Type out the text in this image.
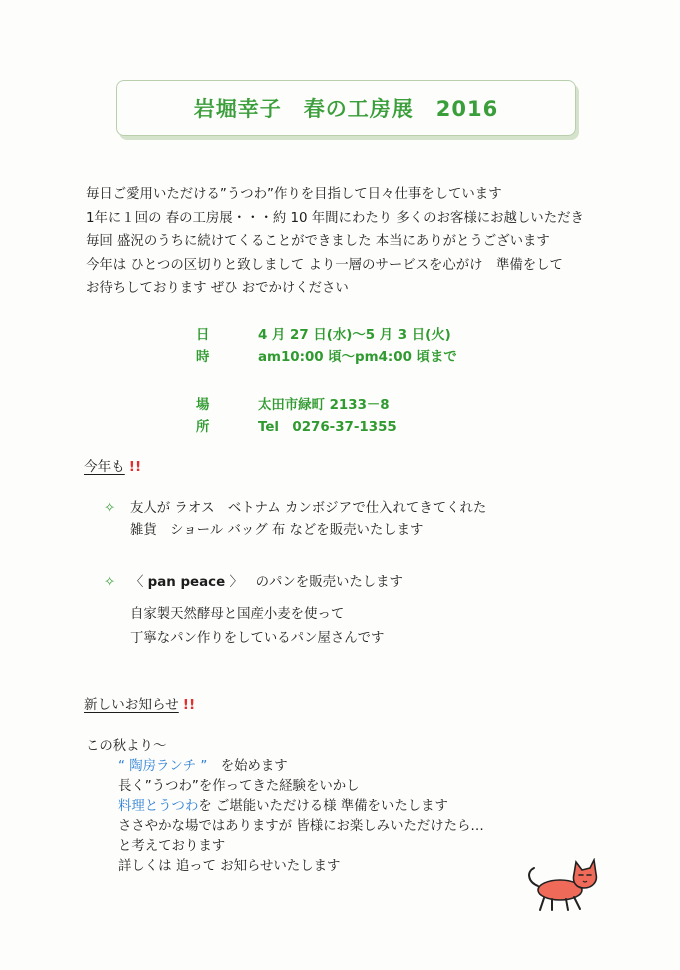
岩堀幸子　春の工房展　2016
毎日ご愛用いただける”うつわ”作りを目指して日々仕事をしています
1年に１回の 春の工房展・・・約 10 年間にわたり 多くのお客様にお越しいただき
毎回 盛況のうちに続けてくることができました 本当にありがとうございます
今年は ひとつの区切りと致しまして より一層のサービスを心がけ　準備をして
お待ちしております ぜひ おでかけください
日時
4 月 27 日(水)～5 月 3 日(火)
am10:00 頃～pm4:00 頃まで
場所
太田市緑町 2133－8
Tel　0276-37-1355
今年も !!
✧ 友人が ラオス　ベトナム カンボジアで仕入れてきてくれた
雑貨　ショール バッグ 布 などを販売いたします
✧ 〈 pan peace 〉 のパンを販売いたします
自家製天然酵母と国産小麦を使って
丁寧なパン作りをしているパン屋さんです
新しいお知らせ !!
この秋より～
“ 陶房ランチ ”　を始めます
長く”うつわ”を作ってきた経験をいかし
料理とうつわを ご堪能いただける様 準備をいたします
ささやかな場ではありますが 皆様にお楽しみいただけたら…
と考えております
詳しくは 追って お知らせいたします
